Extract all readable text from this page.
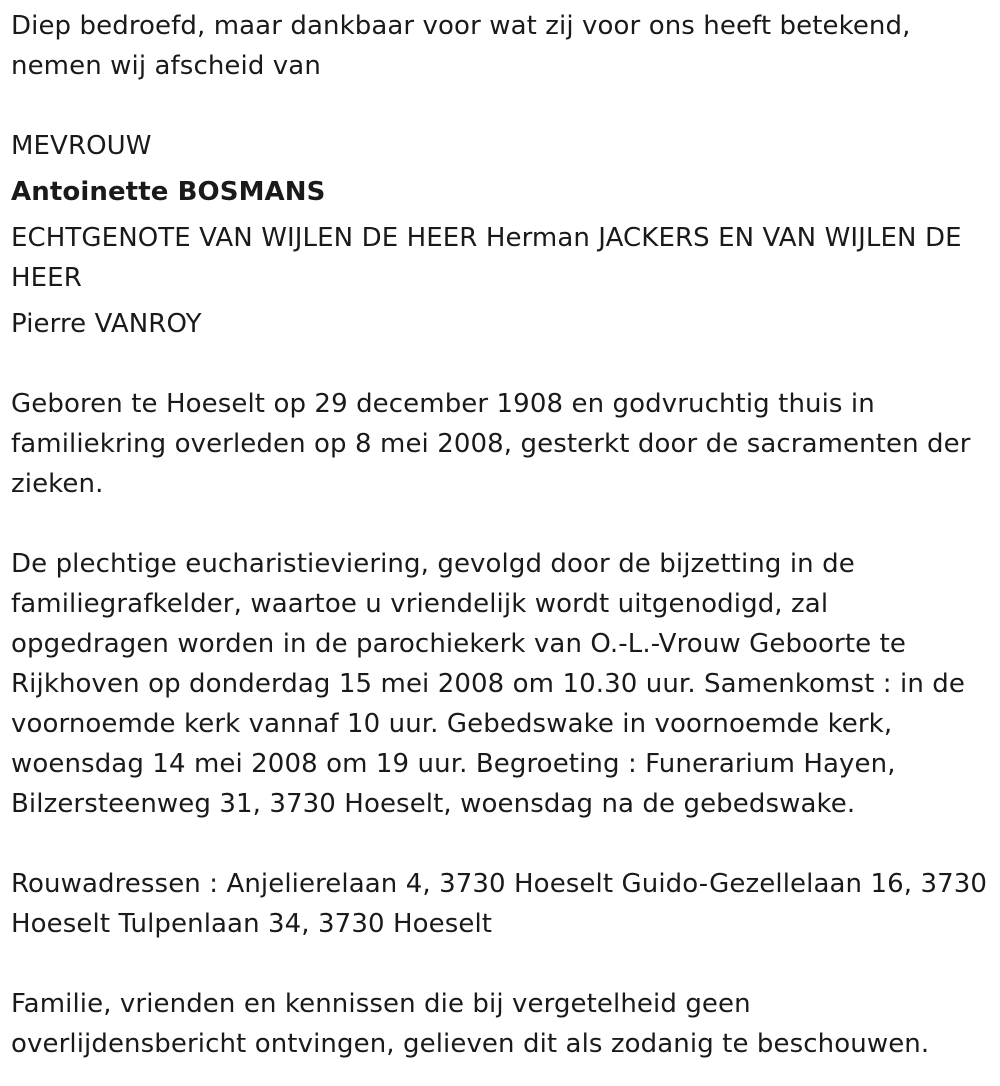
Diep bedroefd, maar dankbaar voor wat zij voor ons heeft betekend, nemen wij afscheid van

MEVROUW

Antoinette BOSMANS

ECHTGENOTE VAN WIJLEN DE HEER Herman JACKERS EN VAN WIJLEN DE HEER

Pierre VANROY

Geboren te Hoeselt op 29 december 1908 en godvruchtig thuis in familiekring overleden op 8 mei 2008, gesterkt door de sacramenten der zieken.

De plechtige eucharistieviering, gevolgd door de bijzetting in de familiegrafkelder, waartoe u vriendelijk wordt uitgenodigd, zal opgedragen worden in de parochiekerk van O.-L.-Vrouw Geboorte te Rijkhoven op donderdag 15 mei 2008 om 10.30 uur. Samenkomst : in de voornoemde kerk vannaf 10 uur. Gebedswake in voornoemde kerk, woensdag 14 mei 2008 om 19 uur. Begroeting : Funerarium Hayen, Bilzersteenweg 31, 3730 Hoeselt, woensdag na de gebedswake.

Rouwadressen : Anjelierelaan 4, 3730 Hoeselt Guido-Gezellelaan 16, 3730 Hoeselt Tulpenlaan 34, 3730 Hoeselt

Familie, vrienden en kennissen die bij vergetelheid geen overlijdensbericht ontvingen, gelieven dit als zodanig te beschouwen.
